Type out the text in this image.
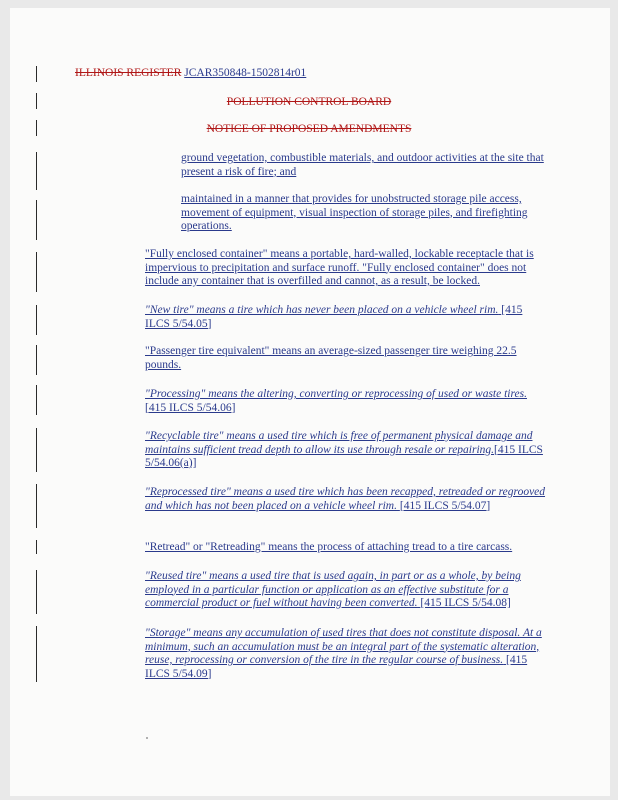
ILLINOIS REGISTER JCAR350848-1502814r01
POLLUTION CONTROL BOARD
NOTICE OF PROPOSED AMENDMENTS
ground vegetation, combustible materials, and outdoor activities at the site that present a risk of fire; and
maintained in a manner that provides for unobstructed storage pile access, movement of equipment, visual inspection of storage piles, and firefighting operations.
"Fully enclosed container" means a portable, hard-walled, lockable receptacle that is impervious to precipitation and surface runoff. "Fully enclosed container" does not include any container that is overfilled and cannot, as a result, be locked.
"New tire" means a tire which has never been placed on a vehicle wheel rim. [415 ILCS 5/54.05]
"Passenger tire equivalent" means an average-sized passenger tire weighing 22.5 pounds.
"Processing" means the altering, converting or reprocessing of used or waste tires. [415 ILCS 5/54.06]
"Recyclable tire" means a used tire which is free of permanent physical damage and maintains sufficient tread depth to allow its use through resale or repairing.[415 ILCS 5/54.06(a)]
"Reprocessed tire" means a used tire which has been recapped, retreaded or regrooved and which has not been placed on a vehicle wheel rim. [415 ILCS 5/54.07]
"Retread" or "Retreading" means the process of attaching tread to a tire carcass.
"Reused tire" means a used tire that is used again, in part or as a whole, by being employed in a particular function or application as an effective substitute for a commercial product or fuel without having been converted. [415 ILCS 5/54.08]
"Storage" means any accumulation of used tires that does not constitute disposal. At a minimum, such an accumulation must be an integral part of the systematic alteration, reuse, reprocessing or conversion of the tire in the regular course of business. [415 ILCS 5/54.09]
